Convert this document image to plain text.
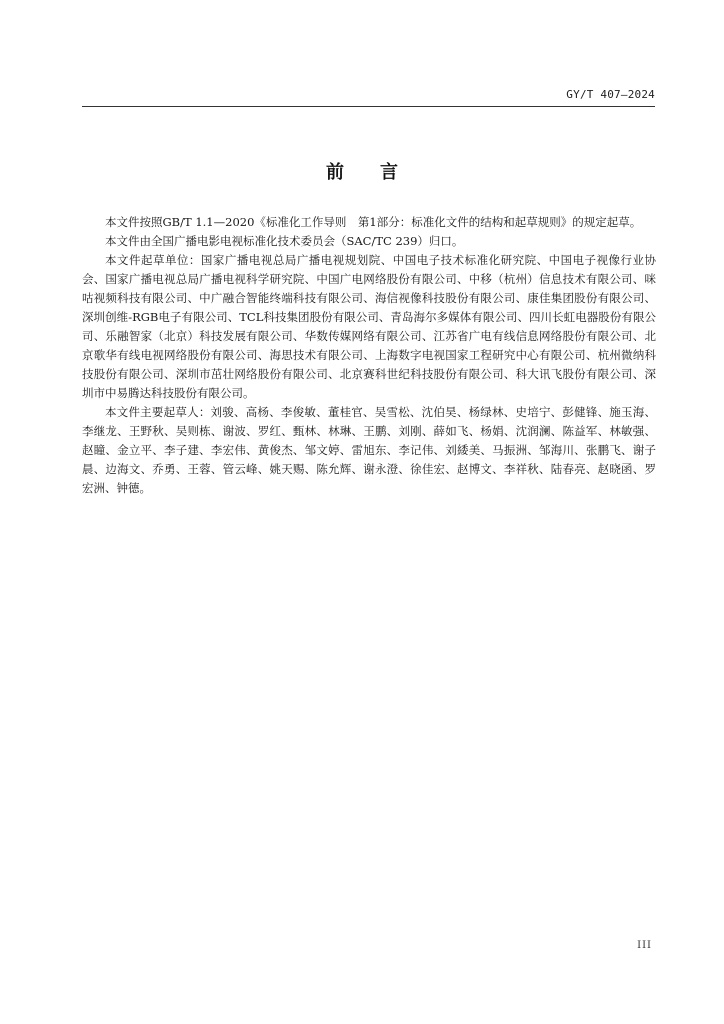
GY/T 407—2024
前 言

本文件按照GB/T 1.1—2020《标准化工作导则　第1部分：标准化文件的结构和起草规则》的规定起草。

本文件由全国广播电影电视标准化技术委员会（SAC/TC 239）归口。

本文件起草单位：国家广播电视总局广播电视规划院、中国电子技术标准化研究院、中国电子视像行业协会、国家广播电视总局广播电视科学研究院、中国广电网络股份有限公司、中移（杭州）信息技术有限公司、咪咕视频科技有限公司、中广融合智能终端科技有限公司、海信视像科技股份有限公司、康佳集团股份有限公司、深圳创维-RGB电子有限公司、TCL科技集团股份有限公司、青岛海尔多媒体有限公司、四川长虹电器股份有限公司、乐融智家（北京）科技发展有限公司、华数传媒网络有限公司、江苏省广电有线信息网络股份有限公司、北京歌华有线电视网络股份有限公司、海思技术有限公司、上海数字电视国家工程研究中心有限公司、杭州微纳科技股份有限公司、深圳市茁壮网络股份有限公司、北京赛科世纪科技股份有限公司、科大讯飞股份有限公司、深圳市中易腾达科技股份有限公司。

本文件主要起草人：刘骏、高杨、李俊敏、董桂官、吴雪松、沈伯昊、杨绿林、史培宁、彭健锋、施玉海、李继龙、王野秋、吴则栋、谢波、罗红、甄林、林琳、王鹏、刘刚、薛如飞、杨娟、沈润澜、陈益军、林敏强、赵瞳、金立平、李子建、李宏伟、黄俊杰、邹文婷、雷旭东、李记伟、刘緌美、马振洲、邹海川、张鹏飞、谢子晨、边海文、乔勇、王蓉、管云峰、姚天赐、陈允辉、谢永澄、徐佳宏、赵博文、李祥秋、陆春亮、赵晓函、罗宏洲、钟德。

III
